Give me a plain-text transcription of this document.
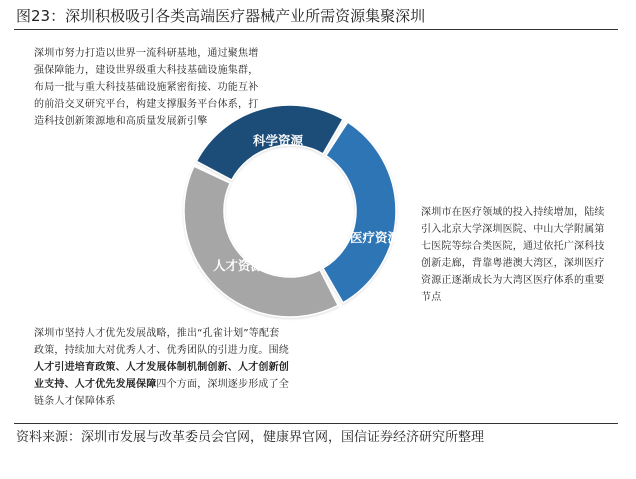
图23：深圳积极吸引各类高端医疗器械产业所需资源集聚深圳
深圳市努力打造以世界一流科研基地，通过聚焦增
强保障能力，建设世界级重大科技基础设施集群，
布局一批与重大科技基础设施紧密衔接、功能互补
的前沿交叉研究平台，构建支撑服务平台体系，打
造科技创新策源地和高质量发展新引擎
科学资源
医疗资源
人才资源
深圳市在医疗领域的投入持续增加，陆续
引入北京大学深圳医院、中山大学附属第
七医院等综合类医院，通过依托广深科技
创新走廊，背靠粤港澳大湾区，深圳医疗
资源正逐渐成长为大湾区医疗体系的重要
节点
深圳市坚持人才优先发展战略，推出“孔雀计划”等配套
政策，持续加大对优秀人才、优秀团队的引进力度。围绕
人才引进培育政策、人才发展体制机制创新、人才创新创
业支持、人才优先发展保障四个方面，深圳逐步形成了全
链条人才保障体系
资料来源：深圳市发展与改革委员会官网，健康界官网，国信证券经济研究所整理
